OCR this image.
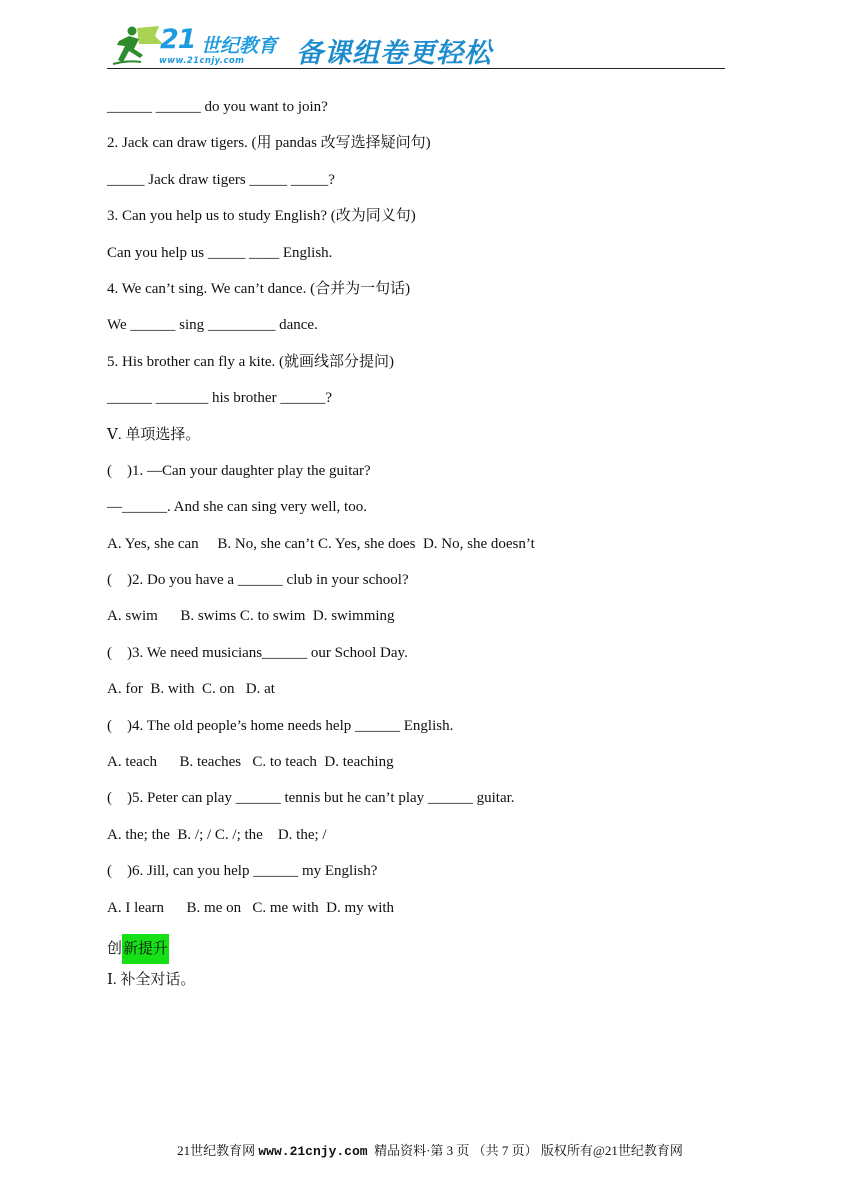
21 世纪教育
www.21cnjy.com 备课组卷更轻松
______ ______ do you want to join?
2. Jack can draw tigers. (用 pandas 改写选择疑问句)
_____ Jack draw tigers _____ _____?
3. Can you help us to study English? (改为同义句)
Can you help us _____ ____ English.
4. We can’t sing. We can’t dance. (合并为一句话)
We ______ sing _________ dance.
5. His brother can fly a kite. (就画线部分提问)
______ _______ his brother ______?
Ⅴ. 单项选择。
(    )1. —Can your daughter play the guitar?
—______. And she can sing very well, too.
A. Yes, she can     B. No, she can’t C. Yes, she does  D. No, she doesn’t
(    )2. Do you have a ______ club in your school?
A. swim      B. swims C. to swim  D. swimming
(    )3. We need musicians______ our School Day.
A. for  B. with  C. on   D. at
(    )4. The old people’s home needs help ______ English.
A. teach      B. teaches   C. to teach  D. teaching
(    )5. Peter can play ______ tennis but he can’t play ______ guitar.
A. the; the  B. /; / C. /; the    D. the; /
(    )6. Jill, can you help ______ my English?
A. I learn      B. me on   C. me with  D. my with
创新提升
Ⅰ. 补全对话。
21世纪教育网 www.21cnjy.com  精品资料·第 3 页 （共 7 页） 版权所有@21世纪教育网
